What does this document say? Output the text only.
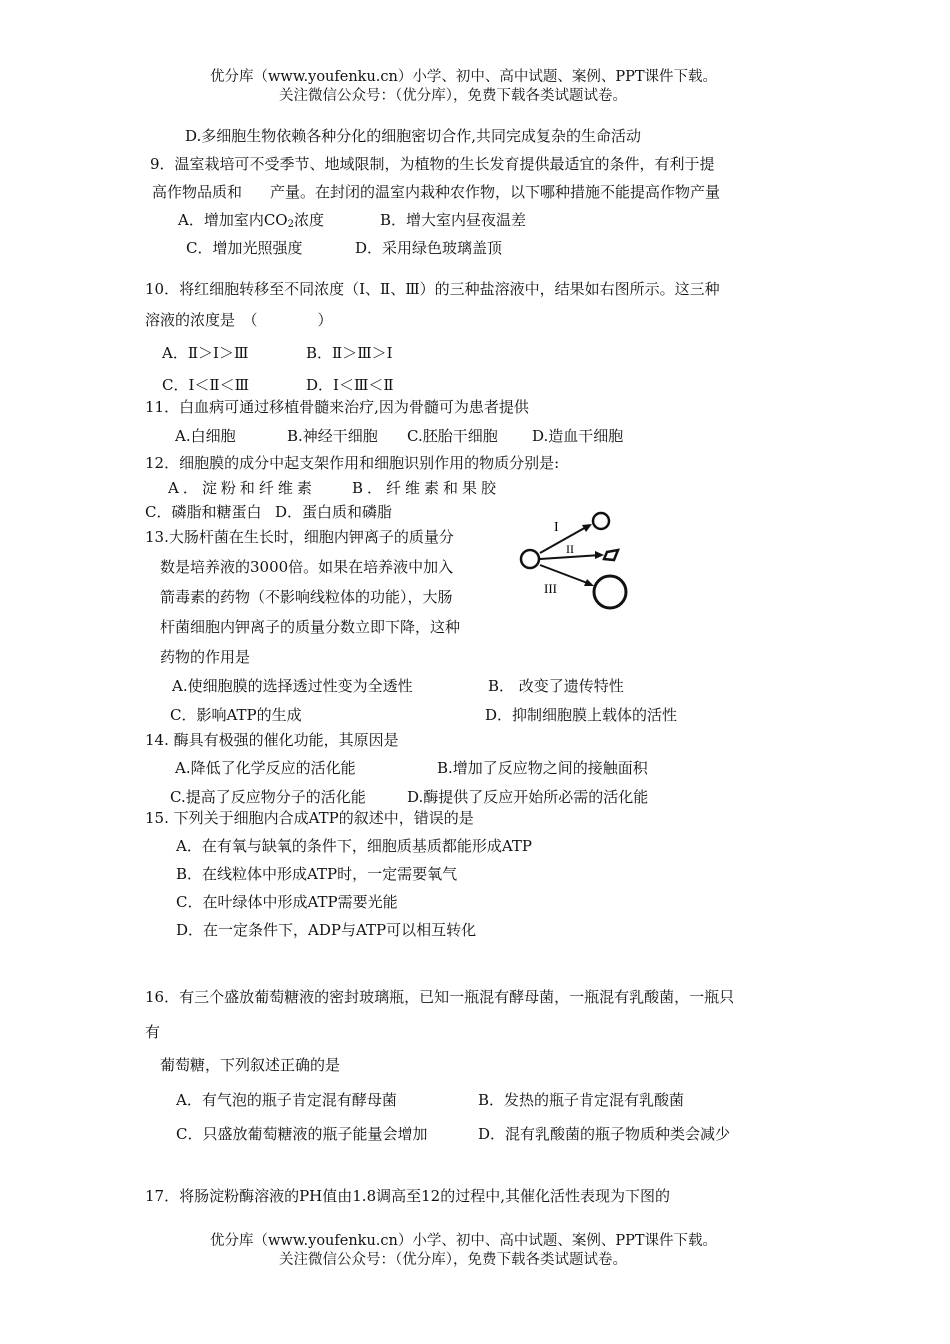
优分库（www.youfenku.cn）小学、初中、高中试题、案例、PPT课件下载。
关注微信公众号：（优分库），免费下载各类试题试卷。
D.多细胞生物依赖各种分化的细胞密切合作,共同完成复杂的生命活动
9．温室栽培可不受季节、地域限制，为植物的生长发育提供最适宜的条件，有利于提
高作物品质和 产量。在封闭的温室内栽种农作物，以下哪种措施不能提高作物产量
A．增加室内$CO_2$浓度	B．增大室内昼夜温差
C．增加光照强度	D．采用绿色玻璃盖顶
10．将红细胞转移至不同浓度（Ⅰ、Ⅱ、Ⅲ）的三种盐溶液中，结果如右图所示。这三种
溶液的浓度是　（　　　　）
A．Ⅱ＞Ⅰ＞Ⅲ	B．Ⅱ＞Ⅲ＞Ⅰ
C．Ⅰ＜Ⅱ＜Ⅲ	D．Ⅰ＜Ⅲ＜Ⅱ
11．白血病可通过移植骨髓来治疗,因为骨髓可为患者提供
A.白细胞	B.神经干细胞 C.胚胎干细胞 D.造血干细胞
12．细胞膜的成分中起支架作用和细胞识别作用的物质分别是:
A．淀粉和纤维素 B．纤维素和果胶
C．磷脂和糖蛋白 D．蛋白质和磷脂
13.大肠杆菌在生长时，细胞内钾离子的质量分
数是培养液的3000倍。如果在培养液中加入
箭毒素的药物（不影响线粒体的功能），大肠
杆菌细胞内钾离子的质量分数立即下降，这种
药物的作用是
I
II
III
A.使细胞膜的选择透过性变为全透性	B． 改变了遗传特性
C．影响ATP的生成	D．抑制细胞膜上载体的活性
14. 酶具有极强的催化功能，其原因是
A.降低了化学反应的活化能	B.增加了反应物之间的接触面积
C.提高了反应物分子的活化能	D.酶提供了反应开始所必需的活化能
15. 下列关于细胞内合成ATP的叙述中，错误的是
A．在有氧与缺氧的条件下，细胞质基质都能形成ATP
B．在线粒体中形成ATP时，一定需要氧气
C．在叶绿体中形成ATP需要光能
D．在一定条件下，ADP与ATP可以相互转化
16．有三个盛放葡萄糖液的密封玻璃瓶，已知一瓶混有酵母菌，一瓶混有乳酸菌，一瓶只
有
葡萄糖，下列叙述正确的是
A．有气泡的瓶子肯定混有酵母菌	B．发热的瓶子肯定混有乳酸菌
C．只盛放葡萄糖液的瓶子能量会增加	D．混有乳酸菌的瓶子物质种类会减少
17．将肠淀粉酶溶液的PH值由1.8调高至12的过程中,其催化活性表现为下图的
优分库（www.youfenku.cn）小学、初中、高中试题、案例、PPT课件下载。
关注微信公众号：（优分库），免费下载各类试题试卷。
